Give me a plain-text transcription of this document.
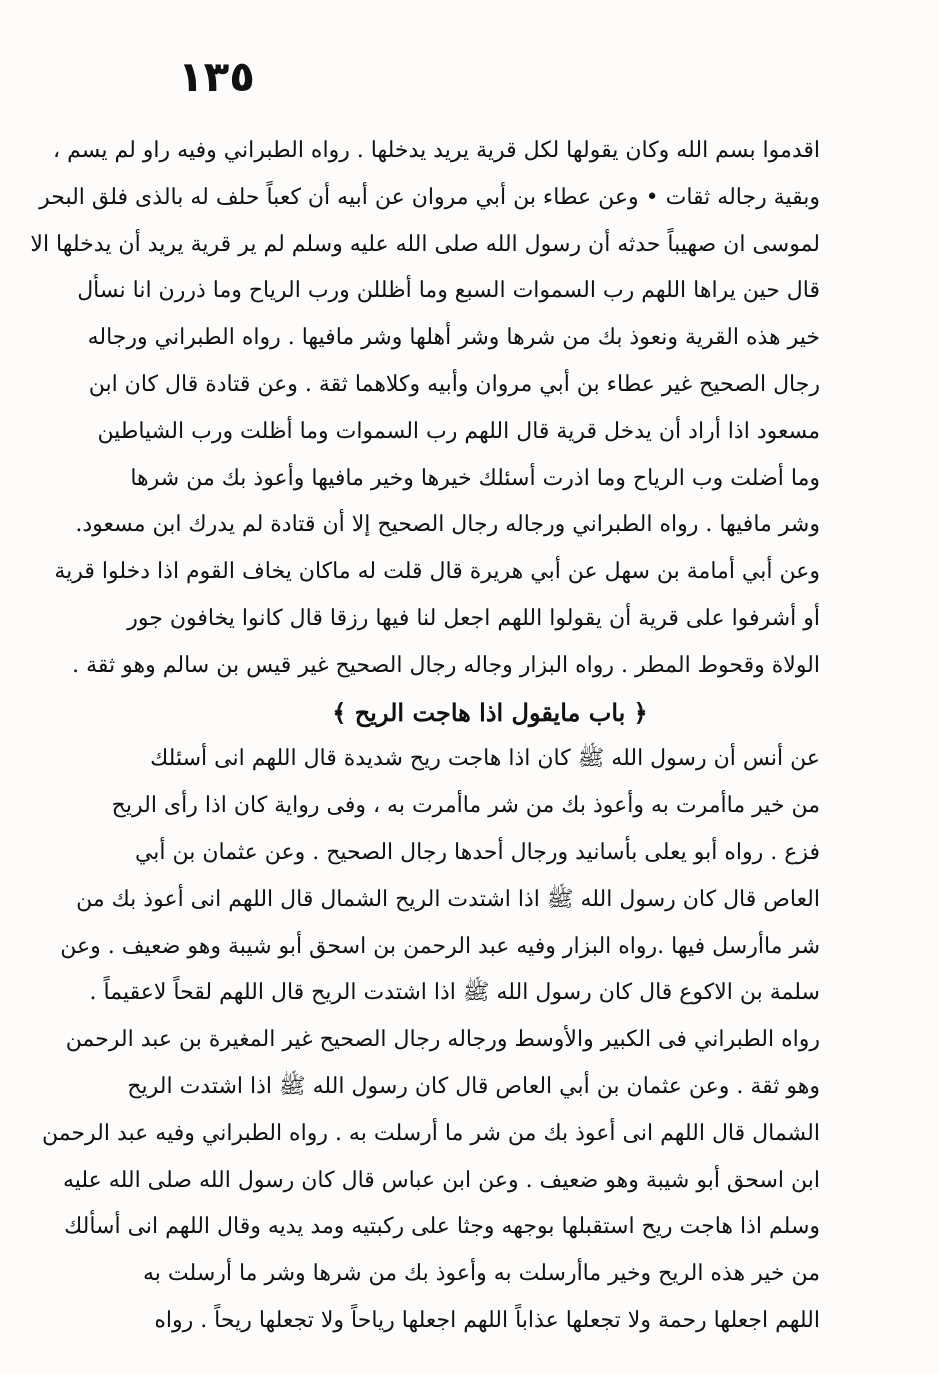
١٣٥
اقدموا بسم الله وكان يقولها لكل قرية يريد يدخلها . رواه الطبراني وفيه راو لم يسم ،
وبقية رجاله ثقات • وعن عطاء بن أبي مروان عن أبيه أن كعباً حلف له بالذى فلق البحر
لموسى ان صهيباً حدثه أن رسول الله صلى الله عليه وسلم لم ير قرية يريد أن يدخلها الا
قال حين يراها اللهم رب السموات السبع وما أظللن ورب الرياح وما ذررن انا نسأل
خير هذه القرية ونعوذ بك من شرها وشر أهلها وشر مافيها . رواه الطبراني ورجاله
رجال الصحيح غير عطاء بن أبي مروان وأبيه وكلاهما ثقة . وعن قتادة قال كان ابن
مسعود اذا أراد أن يدخل قرية قال اللهم رب السموات وما أظلت ورب الشياطين
وما أضلت وب الرياح وما اذرت أسئلك خيرها وخير مافيها وأعوذ بك من شرها
وشر مافيها . رواه الطبراني ورجاله رجال الصحيح إلا أن قتادة لم يدرك ابن مسعود.
وعن أبي أمامة بن سهل عن أبي هريرة قال قلت له ماكان يخاف القوم اذا دخلوا قرية
أو أشرفوا على قرية أن يقولوا اللهم اجعل لنا فيها رزقا قال كانوا يخافون جور
الولاة وقحوط المطر . رواه البزار وجاله رجال الصحيح غير قيس بن سالم وهو ثقة .
﴿ باب مايقول اذا هاجت الريح ﴾
عن أنس أن رسول الله ﷺ كان اذا هاجت ريح شديدة قال اللهم انى أسئلك
من خير ماأمرت به وأعوذ بك من شر ماأمرت به ، وفى رواية كان اذا رأى الريح
فزع . رواه أبو يعلى بأسانيد ورجال أحدها رجال الصحيح . وعن عثمان بن أبي
العاص قال كان رسول الله ﷺ اذا اشتدت الريح الشمال قال اللهم انى أعوذ بك من
شر ماأرسل فيها .رواه البزار وفيه عبد الرحمن بن اسحق أبو شيبة وهو ضعيف . وعن
سلمة بن الاكوع قال كان رسول الله ﷺ اذا اشتدت الريح قال اللهم لقحاً لاعقيماً .
رواه الطبراني فى الكبير والأوسط ورجاله رجال الصحيح غير المغيرة بن عبد الرحمن
وهو ثقة . وعن عثمان بن أبي العاص قال كان رسول الله ﷺ اذا اشتدت الريح
الشمال قال اللهم انى أعوذ بك من شر ما أرسلت به . رواه الطبراني وفيه عبد الرحمن
ابن اسحق أبو شيبة وهو ضعيف . وعن ابن عباس قال كان رسول الله صلى الله عليه
وسلم اذا هاجت ريح استقبلها بوجهه وجثا على ركبتيه ومد يديه وقال اللهم انى أسألك
من خير هذه الريح وخير ماأرسلت به وأعوذ بك من شرها وشر ما أرسلت به
اللهم اجعلها رحمة ولا تجعلها عذاباً اللهم اجعلها رياحاً ولا تجعلها ريحاً . رواه
